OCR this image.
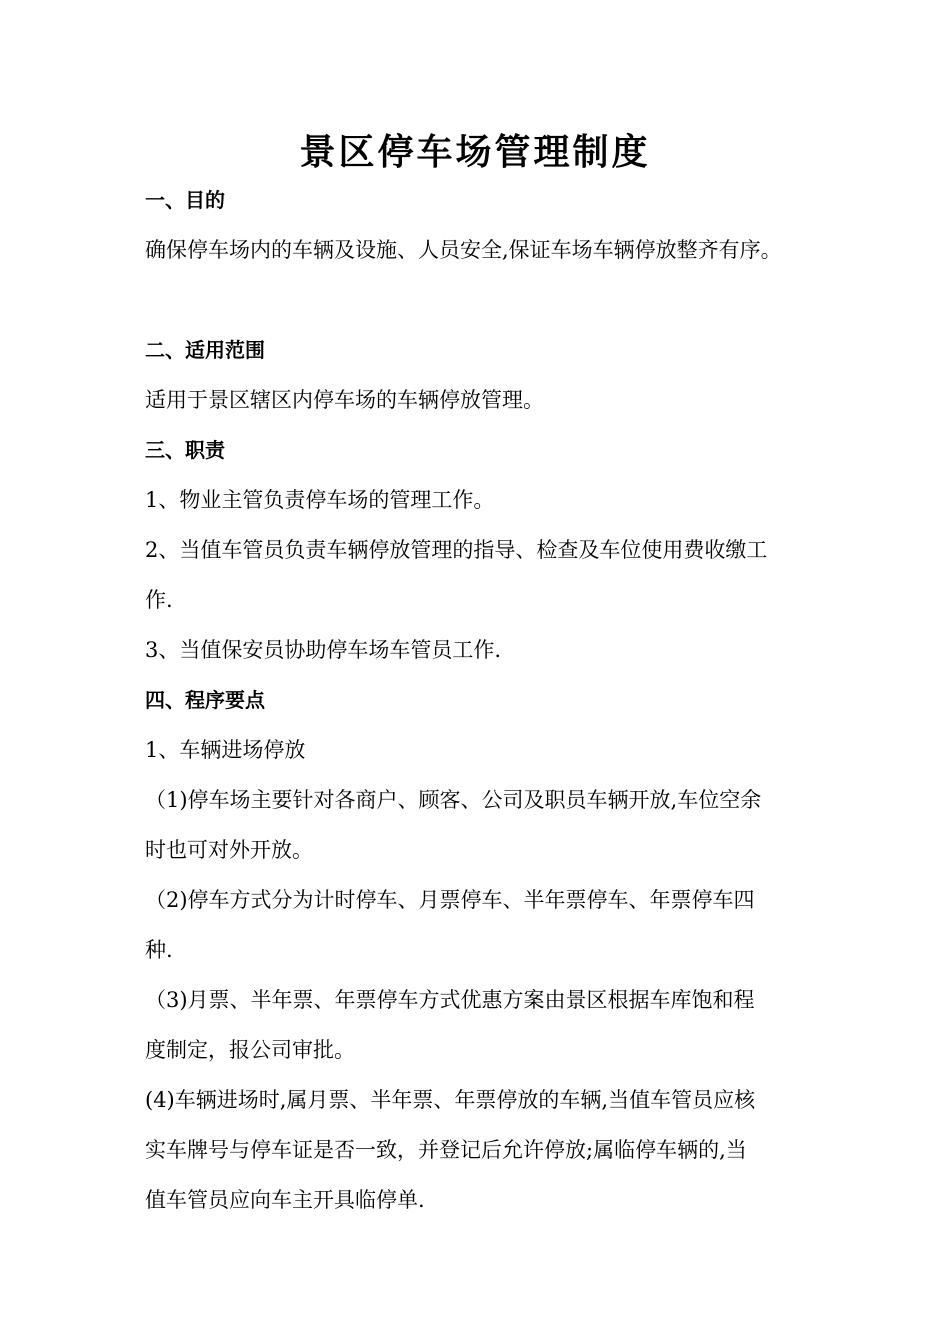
景区停车场管理制度
一、目的
确保停车场内的车辆及设施、人员安全,保证车场车辆停放整齐有序。
二、适用范围
适用于景区辖区内停车场的车辆停放管理。
三、职责
1、物业主管负责停车场的管理工作。
2、当值车管员负责车辆停放管理的指导、检查及车位使用费收缴工
作.
3、当值保安员协助停车场车管员工作.
四、程序要点
1、车辆进场停放
（1)停车场主要针对各商户、顾客、公司及职员车辆开放,车位空余
时也可对外开放。
（2)停车方式分为计时停车、月票停车、半年票停车、年票停车四
种.
（3)月票、半年票、年票停车方式优惠方案由景区根据车库饱和程
度制定，报公司审批。
(4)车辆进场时,属月票、半年票、年票停放的车辆,当值车管员应核
实车牌号与停车证是否一致，并登记后允许停放;属临停车辆的,当
值车管员应向车主开具临停单.
